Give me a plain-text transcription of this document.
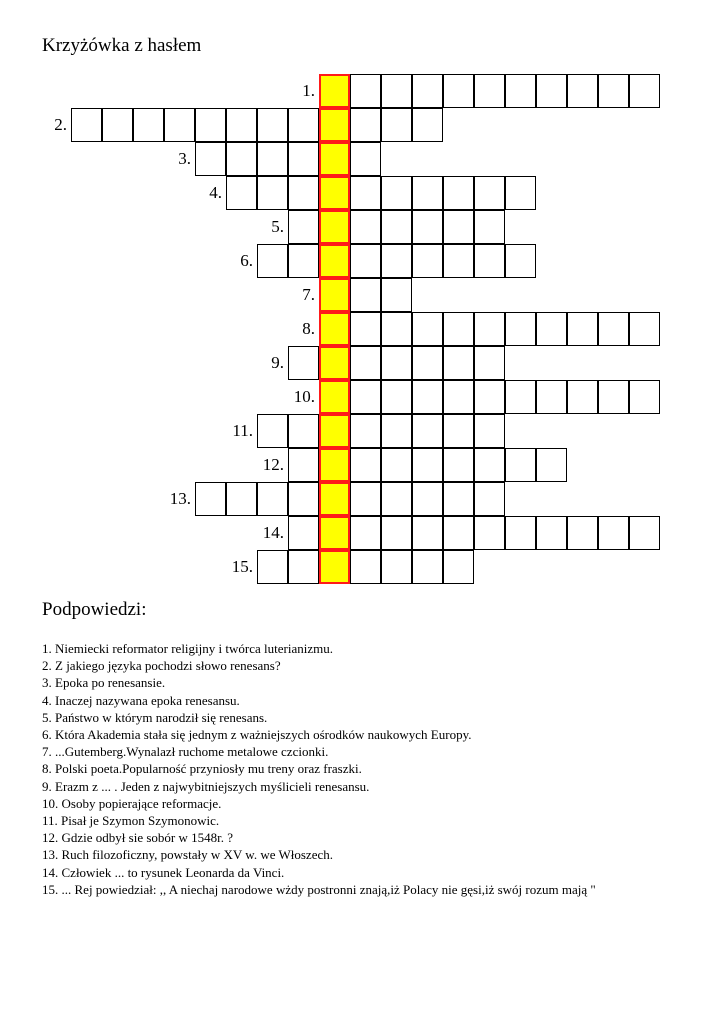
Krzyżówka z hasłem
1.
2.
3.
4.
5.
6.
7.
8.
9.
10.
11.
12.
13.
14.
15.
Podpowiedzi:
1. Niemiecki reformator religijny i twórca luterianizmu.
2. Z jakiego języka pochodzi słowo renesans?
3. Epoka po renesansie.
4. Inaczej nazywana epoka renesansu.
5. Państwo w którym narodził się renesans.
6. Która Akademia stała się jednym z ważniejszych ośrodków naukowych Europy.
7. ...Gutemberg.Wynalazł ruchome metalowe czcionki.
8. Polski poeta.Popularność przyniosły mu treny oraz fraszki.
9. Erazm z ... . Jeden z najwybitniejszych myślicieli renesansu.
10. Osoby popierające reformacje.
11. Pisał je Szymon Szymonowic.
12. Gdzie odbył sie sobór w 1548r. ?
13. Ruch filozoficzny, powstały w XV w. we Włoszech.
14. Człowiek ... to rysunek Leonarda da Vinci.
15. ... Rej powiedział: ,, A niechaj narodowe wżdy postronni znają,iż Polacy nie gęsi,iż swój rozum mają "
